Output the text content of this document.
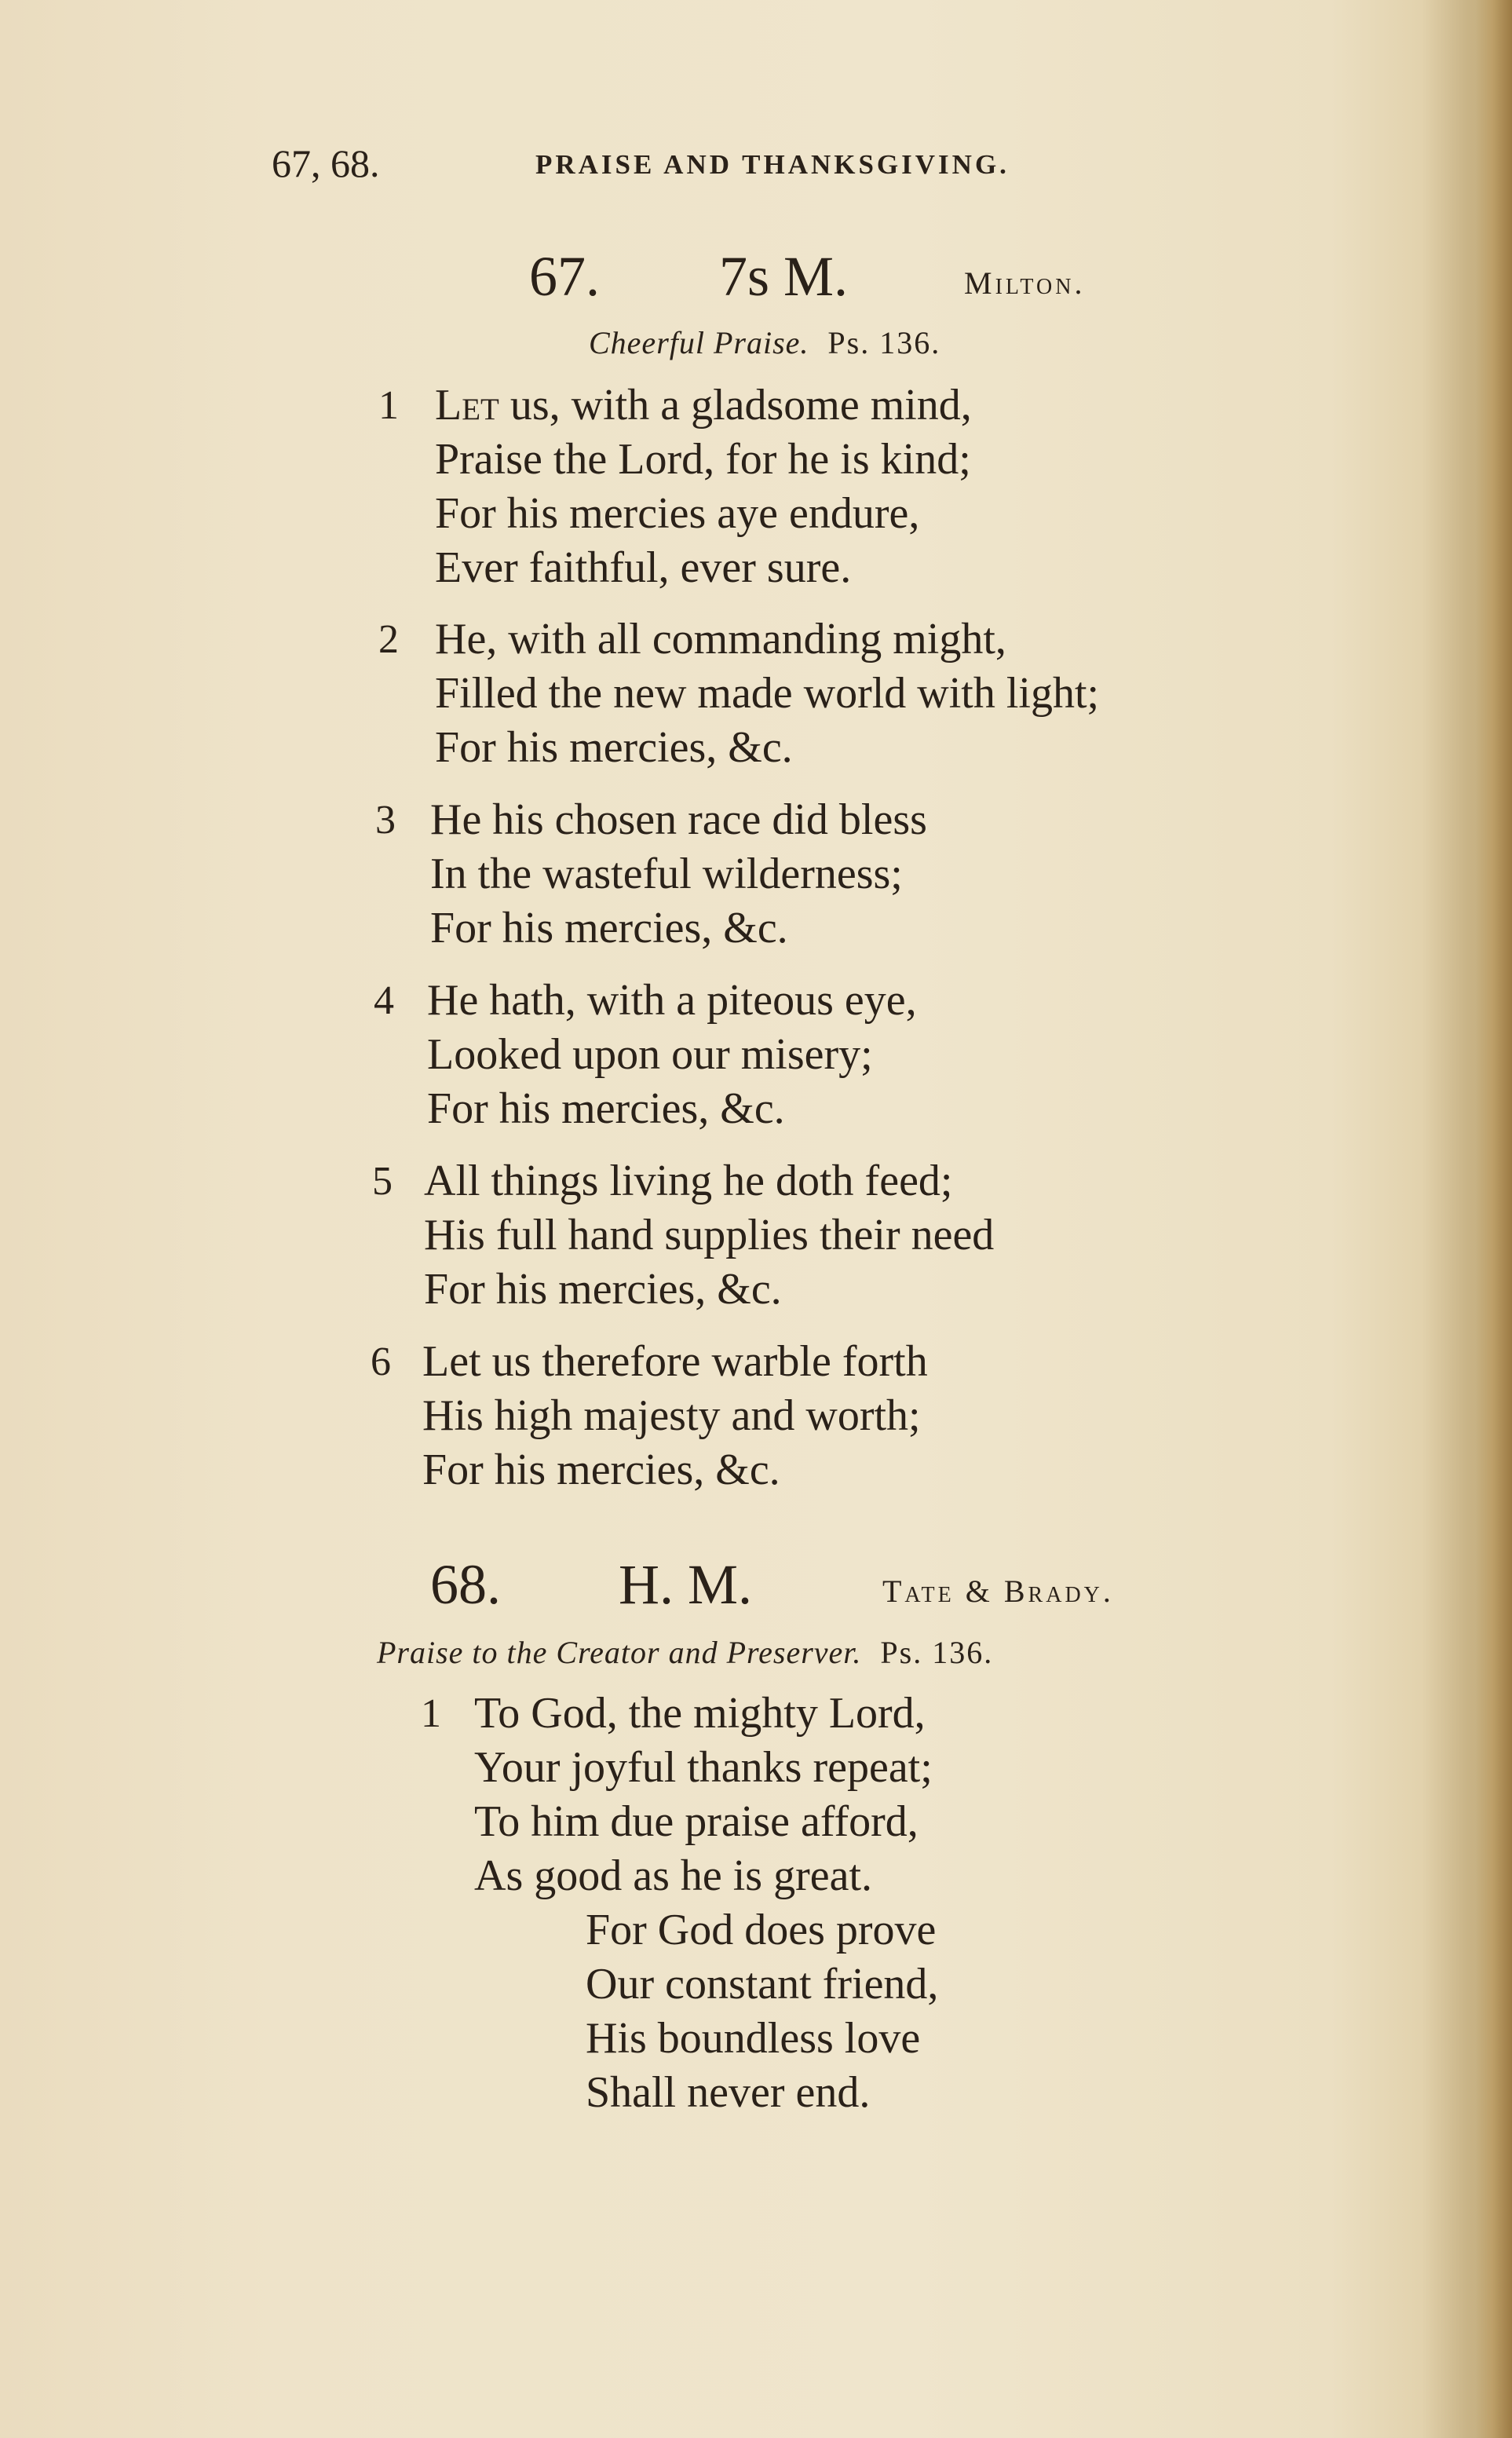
67, 68.	PRAISE AND THANKSGIVING.
67. 7s M.	Milton.
Cheerful Praise. Ps. 136.
1 Let us, with a gladsome mind,
Praise the Lord, for he is kind;
For his mercies aye endure,
Ever faithful, ever sure.
2 He, with all commanding might,
Filled the new made world with light;
For his mercies, &c.
3 He his chosen race did bless
In the wasteful wilderness;
For his mercies, &c.
4 He hath, with a piteous eye,
Looked upon our misery;
For his mercies, &c.
5 All things living he doth feed;
His full hand supplies their need
For his mercies, &c.
6 Let us therefore warble forth
His high majesty and worth;
For his mercies, &c.
68. H. M.	Tate & Brady.
Praise to the Creator and Preserver. Ps. 136.
1 To God, the mighty Lord,
Your joyful thanks repeat;
To him due praise afford,
As good as he is great.
For God does prove
Our constant friend,
His boundless love
Shall never end.
